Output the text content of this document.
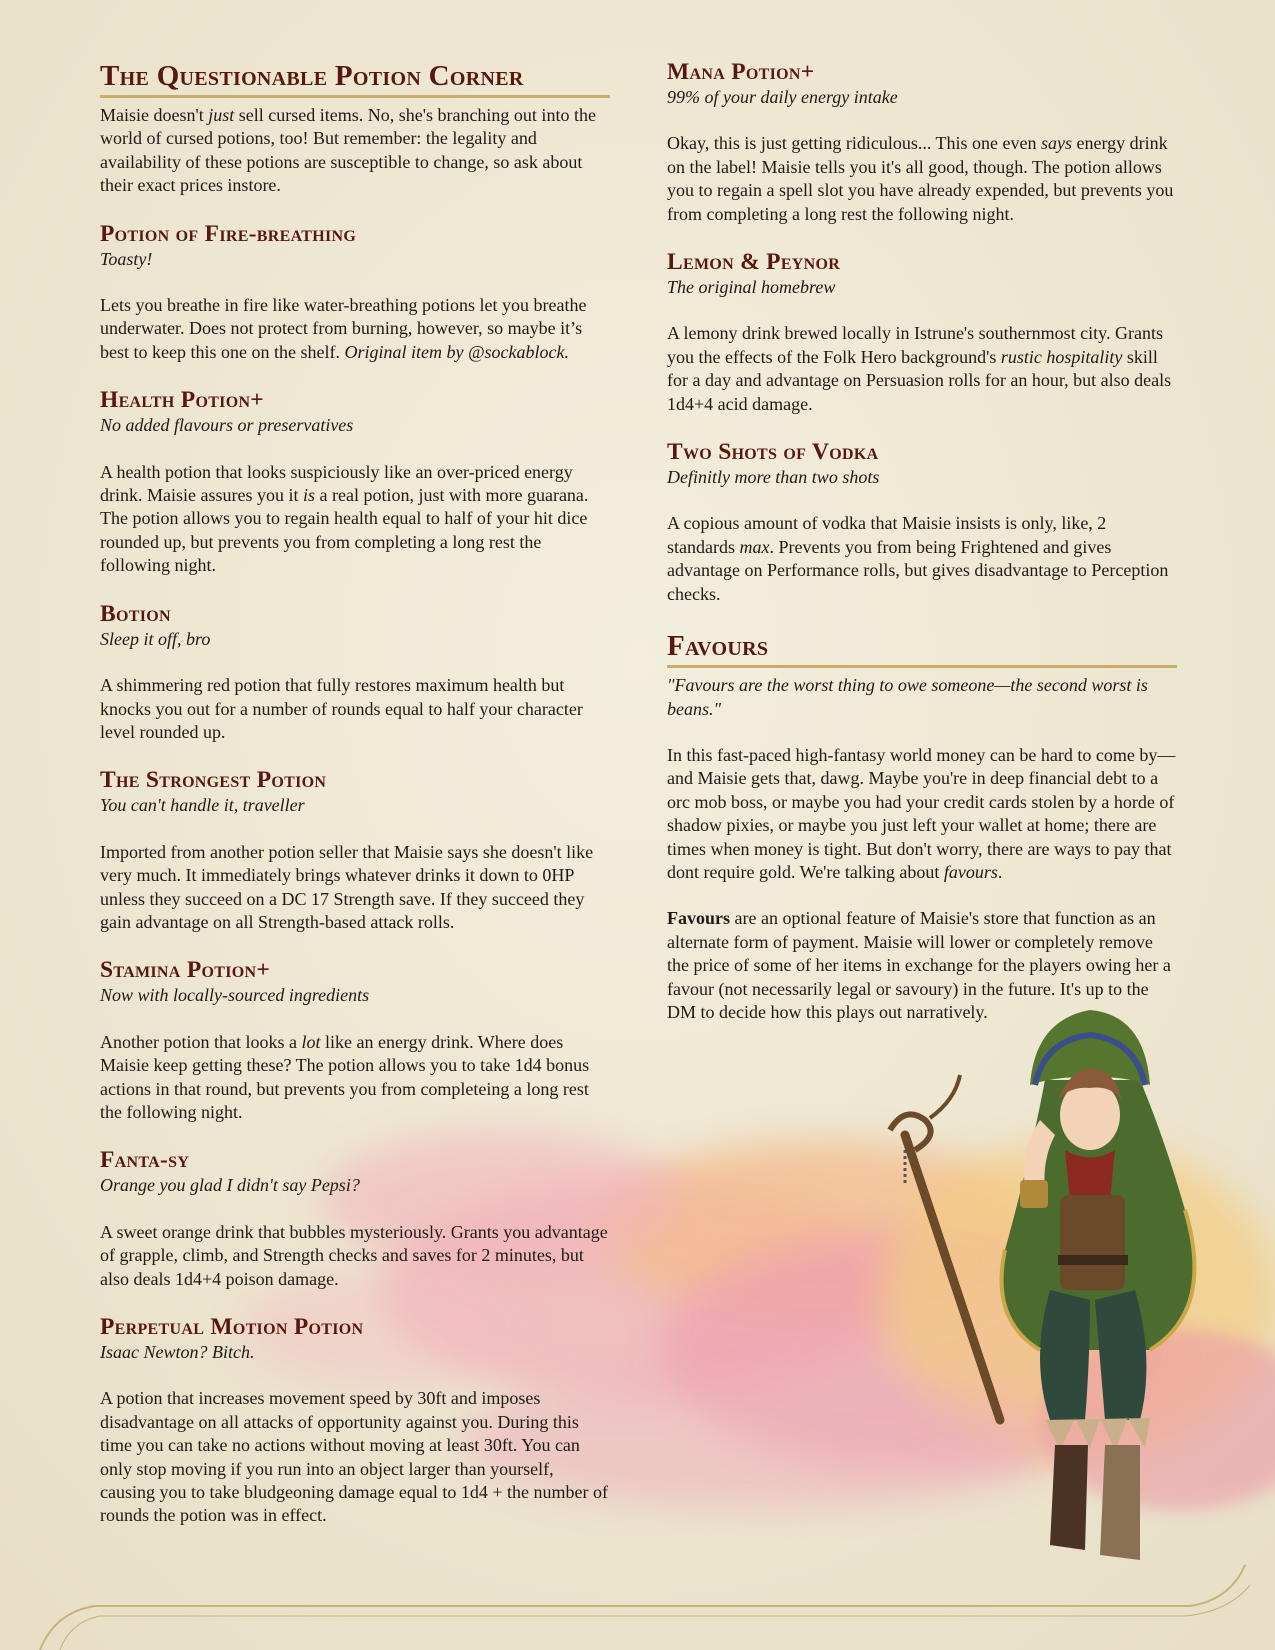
The Questionable Potion Corner

Maisie doesn't just sell cursed items. No, she's branching out into the world of cursed potions, too! But remember: the legality and availability of these potions are susceptible to change, so ask about their exact prices instore.

Potion of Fire-breathing

Toasty!

Lets you breathe in fire like water-breathing potions let you breathe underwater. Does not protect from burning, however, so maybe it’s best to keep this one on the shelf. Original item by @sockablock.

Health Potion+

No added flavours or preservatives

A health potion that looks suspiciously like an over-priced energy drink. Maisie assures you it is a real potion, just with more guarana. The potion allows you to regain health equal to half of your hit dice rounded up, but prevents you from completing a long rest the following night.

Botion

Sleep it off, bro

A shimmering red potion that fully restores maximum health but knocks you out for a number of rounds equal to half your character level rounded up.

The Strongest Potion

You can't handle it, traveller

Imported from another potion seller that Maisie says she doesn't like very much. It immediately brings whatever drinks it down to 0HP unless they succeed on a DC 17 Strength save. If they succeed they gain advantage on all Strength-based attack rolls.

Stamina Potion+

Now with locally-sourced ingredients

Another potion that looks a lot like an energy drink. Where does Maisie keep getting these? The potion allows you to take 1d4 bonus actions in that round, but prevents you from completeing a long rest the following night.

Fanta-sy

Orange you glad I didn't say Pepsi?

A sweet orange drink that bubbles mysteriously. Grants you advantage of grapple, climb, and Strength checks and saves for 2 minutes, but also deals 1d4+4 poison damage.

Perpetual Motion Potion

Isaac Newton? Bitch.

A potion that increases movement speed by 30ft and imposes disadvantage on all attacks of opportunity against you. During this time you can take no actions without moving at least 30ft. You can only stop moving if you run into an object larger than yourself, causing you to take bludgeoning damage equal to 1d4 + the number of rounds the potion was in effect.

Mana Potion+

99% of your daily energy intake

Okay, this is just getting ridiculous... This one even says energy drink on the label! Maisie tells you it's all good, though. The potion allows you to regain a spell slot you have already expended, but prevents you from completing a long rest the following night.

Lemon & Peynor

The original homebrew

A lemony drink brewed locally in Istrune's southernmost city. Grants you the effects of the Folk Hero background's rustic hospitality skill for a day and advantage on Persuasion rolls for an hour, but also deals 1d4+4 acid damage.

Two Shots of Vodka

Definitly more than two shots

A copious amount of vodka that Maisie insists is only, like, 2 standards max. Prevents you from being Frightened and gives advantage on Performance rolls, but gives disadvantage to Perception checks.

Favours

"Favours are the worst thing to owe someone—the second worst is beans."

In this fast-paced high-fantasy world money can be hard to come by—and Maisie gets that, dawg. Maybe you're in deep financial debt to a orc mob boss, or maybe you had your credit cards stolen by a horde of shadow pixies, or maybe you just left your wallet at home; there are times when money is tight. But don't worry, there are ways to pay that dont require gold. We're talking about favours.

Favours are an optional feature of Maisie's store that function as an alternate form of payment. Maisie will lower or completely remove the price of some of her items in exchange for the players owing her a favour (not necessarily legal or savoury) in the future. It's up to the DM to decide how this plays out narratively.
